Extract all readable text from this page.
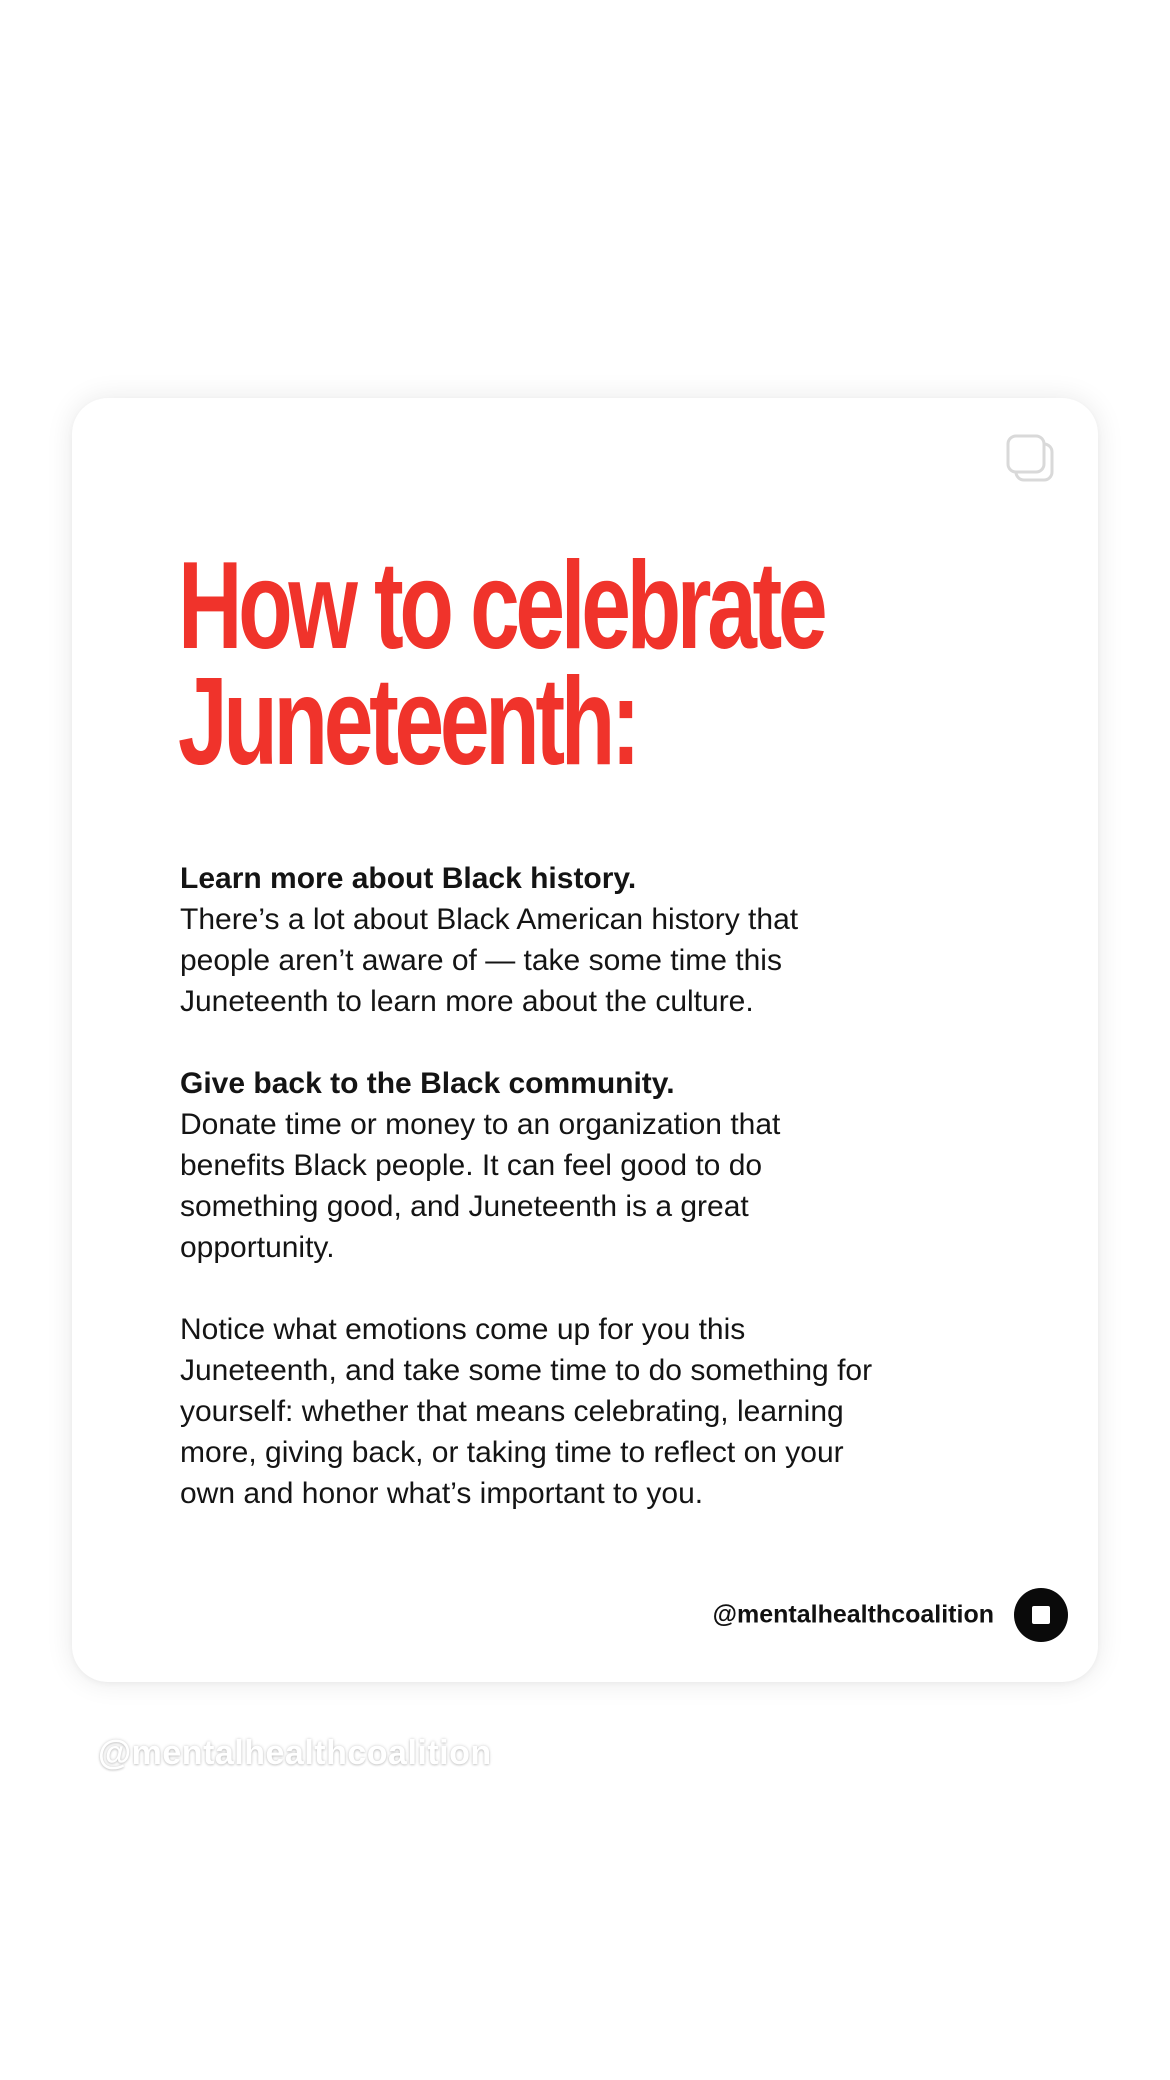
How to celebrate
Juneteenth:

Learn more about Black history.
There’s a lot about Black American history that
people aren’t aware of — take some time this
Juneteenth to learn more about the culture.

Give back to the Black community.
Donate time or money to an organization that
benefits Black people. It can feel good to do
something good, and Juneteenth is a great
opportunity.

Notice what emotions come up for you this
Juneteenth, and take some time to do something for
yourself: whether that means celebrating, learning
more, giving back, or taking time to reflect on your
own and honor what’s important to you.

@mentalhealthcoalition
@mentalhealthcoalition
